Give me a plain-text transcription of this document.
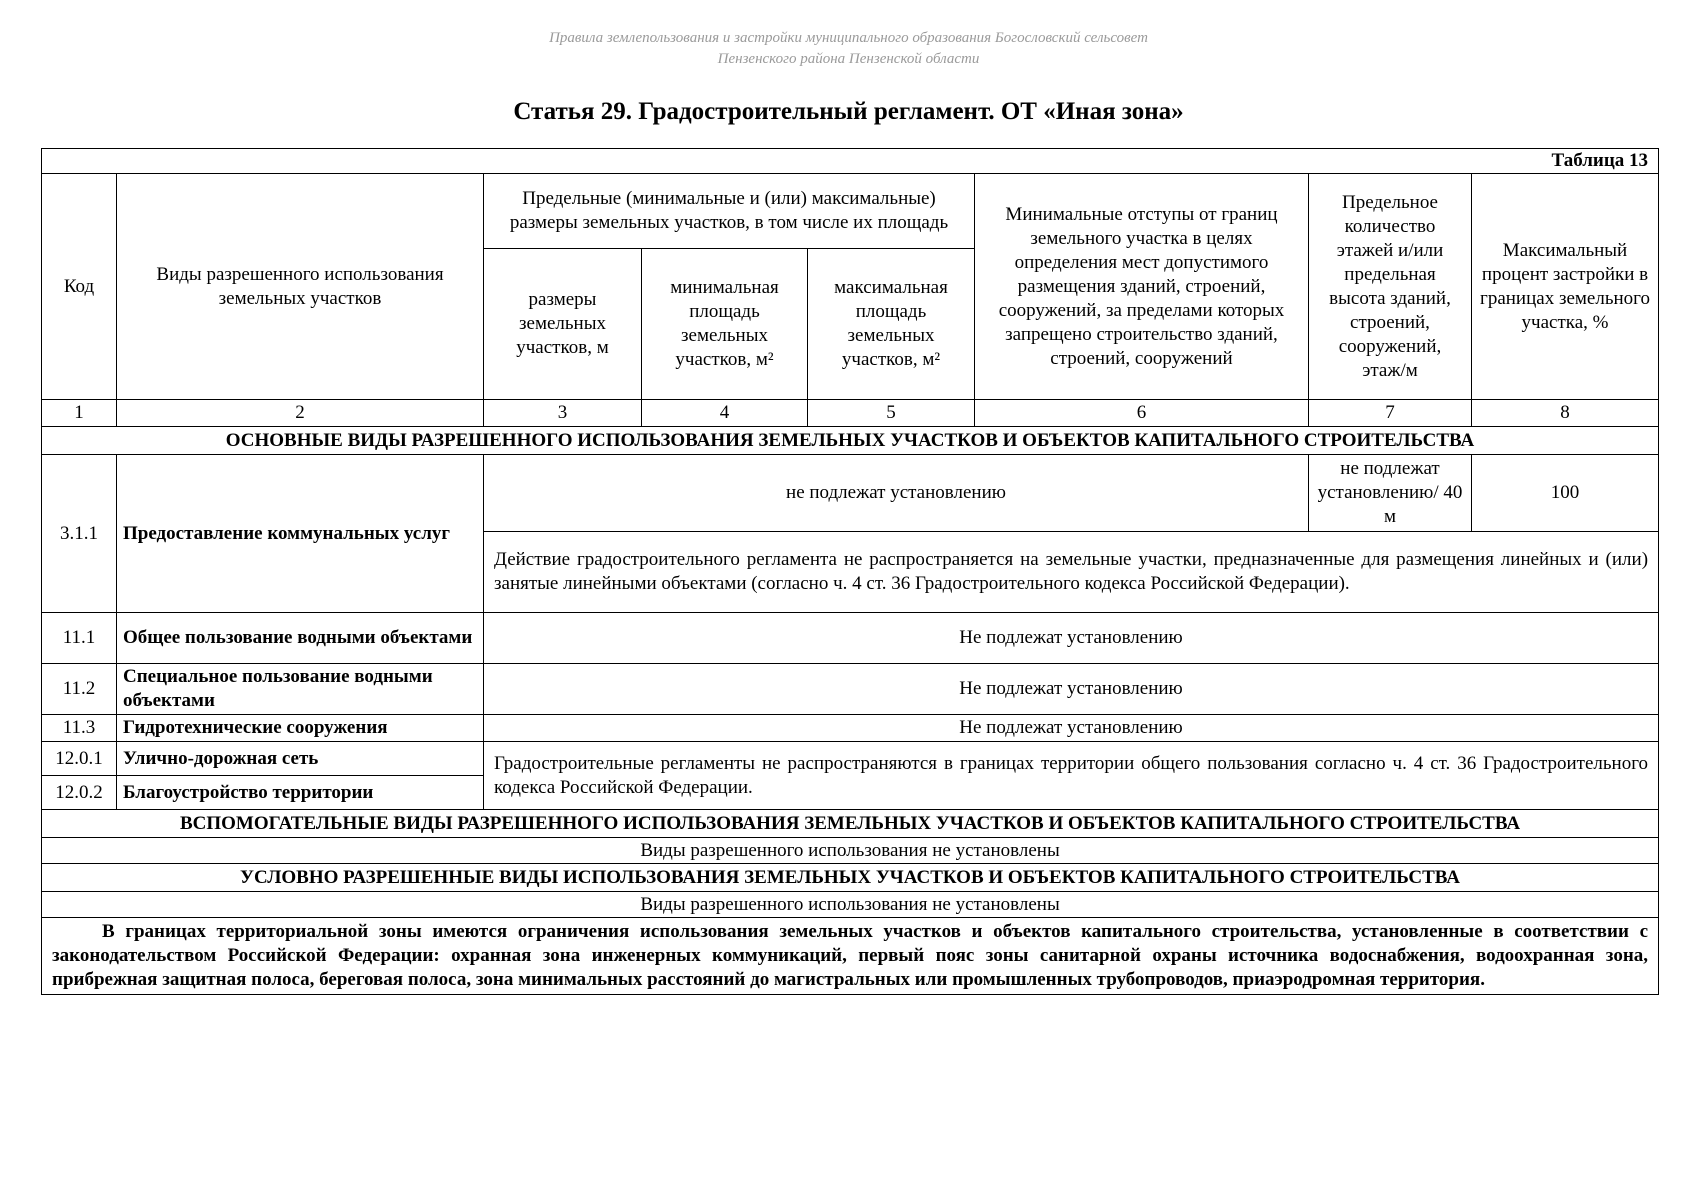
Правила землепользования и застройки муниципального образования Богословский сельсовет
Пензенского района Пензенской области
Статья 29. Градостроительный регламент. ОТ «Иная зона»
Таблица 13							
Код	Виды разрешенного использования земельных участков	Предельные (минимальные и (или) максимальные) размеры земельных участков, в том числе их площадь			Минимальные отступы от границ земельного участка в целях определения мест допустимого размещения зданий, строений, сооружений, за пределами которых запрещено строительство зданий, строений, сооружений	Предельное количество этажей и/или предельная высота зданий, строений, сооружений, этаж/м	Максимальный процент застройки в границах земельного участка, %
		размеры земельных участков, м	минимальная площадь земельных участков, м²	максимальная площадь земельных участков, м²			
1	2	3	4	5	6	7	8
ОСНОВНЫЕ ВИДЫ РАЗРЕШЕННОГО ИСПОЛЬЗОВАНИЯ ЗЕМЕЛЬНЫХ УЧАСТКОВ И ОБЪЕКТОВ КАПИТАЛЬНОГО СТРОИТЕЛЬСТВА							
3.1.1	Предоставление коммунальных услуг	не подлежат установлению				не подлежат установлению/ 40 м	100
		Действие градостроительного регламента не распространяется на земельные участки, предназначенные для размещения линейных и (или) занятые линейными объектами (согласно ч. 4 ст. 36 Градостроительного кодекса Российской Федерации).					
11.1	Общее пользование водными объектами	Не подлежат установлению					
11.2	Специальное пользование водными объектами	Не подлежат установлению					
11.3	Гидротехнические сооружения	Не подлежат установлению					
12.0.1	Улично-дорожная сеть	Градостроительные регламенты не распространяются в границах территории общего пользования согласно ч. 4 ст. 36 Градостроительного кодекса Российской Федерации.					
12.0.2	Благоустройство территории						
ВСПОМОГАТЕЛЬНЫЕ ВИДЫ РАЗРЕШЕННОГО ИСПОЛЬЗОВАНИЯ ЗЕМЕЛЬНЫХ УЧАСТКОВ И ОБЪЕКТОВ КАПИТАЛЬНОГО СТРОИТЕЛЬСТВА							
Виды разрешенного использования не установлены							
УСЛОВНО РАЗРЕШЕННЫЕ ВИДЫ ИСПОЛЬЗОВАНИЯ ЗЕМЕЛЬНЫХ УЧАСТКОВ И ОБЪЕКТОВ КАПИТАЛЬНОГО СТРОИТЕЛЬСТВА							
Виды разрешенного использования не установлены							
В границах территориальной зоны имеются ограничения использования земельных участков и объектов капитального строительства, установленные в соответствии с законодательством Российской Федерации: охранная зона инженерных коммуникаций, первый пояс зоны санитарной охраны источника водоснабжения, водоохранная зона, прибрежная защитная полоса, береговая полоса, зона минимальных расстояний до магистральных или промышленных трубопроводов, приаэродромная территория.							
